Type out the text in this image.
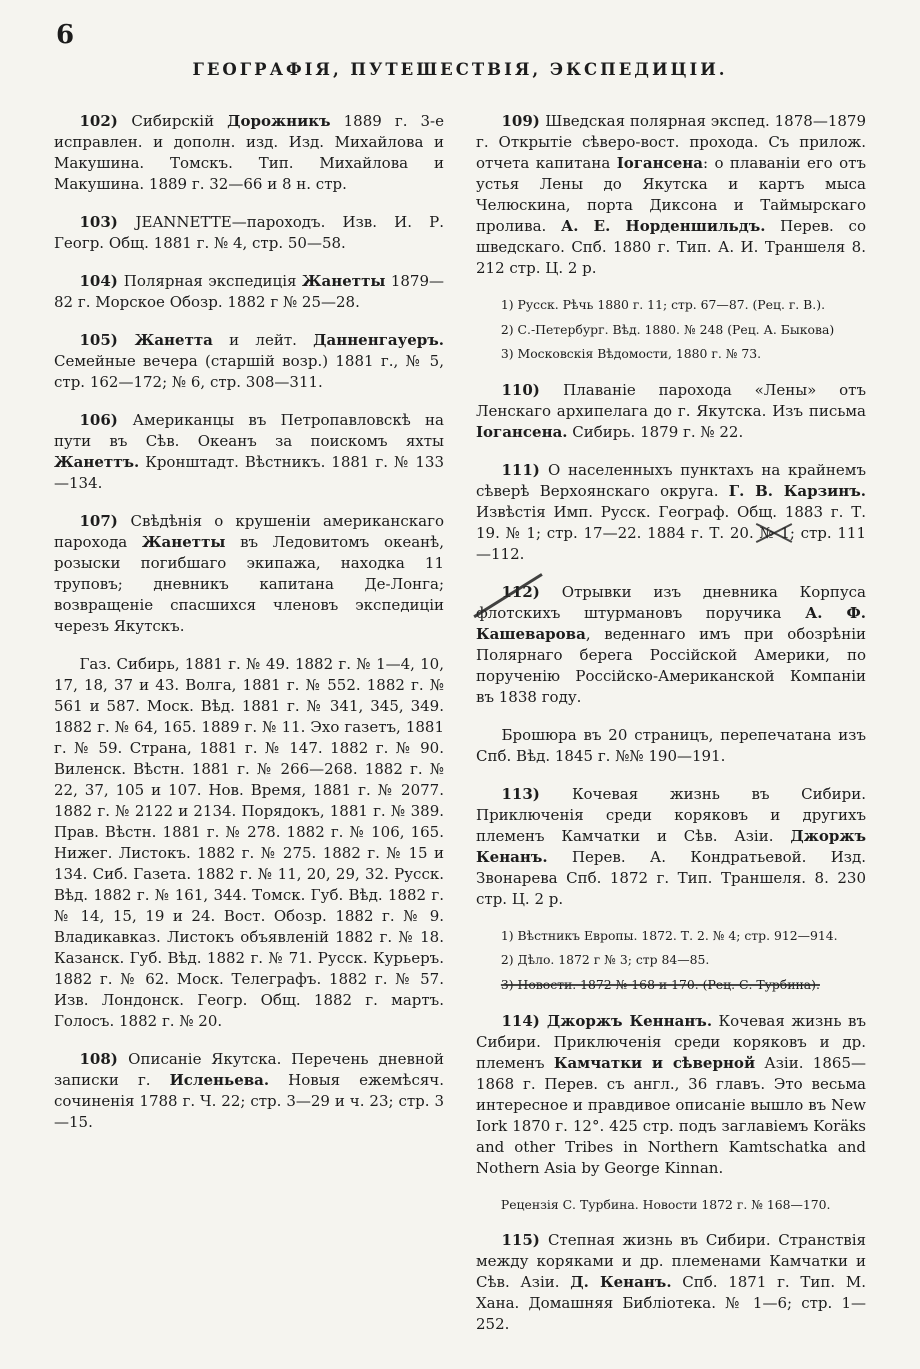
6
ГЕОГРАФІЯ, ПУТЕШЕСТВІЯ, ЭКСПЕДИЦІИ.

102) Сибирскій Дорожникъ 1889 г. 3-е исправлен. и дополн. изд. Изд. Михайлова и Макушина. Томскъ. Тип. Михайлова и Макушина. 1889 г. 32—66 и 8 н. стр.

103) JEANNETTE—пароходъ. Изв. И. Р. Геогр. Общ. 1881 г. № 4, стр. 50—58.

104) Полярная экспедиція Жанетты 1879—82 г. Морское Обозр. 1882 г № 25—28.

105) Жанетта и лейт. Данненгауеръ. Семейные вечера (старшій возр.) 1881 г., № 5, стр. 162—172; № 6, стр. 308—311.

106) Американцы въ Петропавловскѣ на пути въ Сѣв. Океанъ за поискомъ яхты Жанеттъ. Кронштадт. Вѣстникъ. 1881 г. № 133—134.

107) Свѣдѣнія о крушеніи американскаго парохода Жанетты въ Ледовитомъ океанѣ, розыски погибшаго экипажа, находка 11 труповъ; дневникъ капитана Де-Лонга; возвращеніе спасшихся членовъ экспедиціи черезъ Якутскъ.

Газ. Сибирь, 1881 г. № 49. 1882 г. № 1—4, 10, 17, 18, 37 и 43. Волга, 1881 г. № 552. 1882 г. № 561 и 587. Моск. Вѣд. 1881 г. № 341, 345, 349. 1882 г. № 64, 165. 1889 г. № 11. Эхо газетъ, 1881 г. № 59. Страна, 1881 г. № 147. 1882 г. № 90. Виленск. Вѣстн. 1881 г. № 266—268. 1882 г. № 22, 37, 105 и 107. Нов. Время, 1881 г. № 2077. 1882 г. № 2122 и 2134. Порядокъ, 1881 г. № 389. Прав. Вѣстн. 1881 г. № 278. 1882 г. № 106, 165. Нижег. Листокъ. 1882 г. № 275. 1882 г. № 15 и 134. Сиб. Газета. 1882 г. № 11, 20, 29, 32. Русск. Вѣд. 1882 г. № 161, 344. Томск. Губ. Вѣд. 1882 г. № 14, 15, 19 и 24. Вост. Обозр. 1882 г. № 9. Владикавказ. Листокъ объявленій 1882 г. № 18. Казанск. Губ. Вѣд. 1882 г. № 71. Русск. Курьеръ. 1882 г. № 62. Моск. Телеграфъ. 1882 г. № 57. Изв. Лондонск. Геогр. Общ. 1882 г. мартъ. Голосъ. 1882 г. № 20.

108) Описаніе Якутска. Перечень дневной записки г. Исленьева. Новыя ежемѣсяч. сочиненія 1788 г. Ч. 22; стр. 3—29 и ч. 23; стр. 3—15.

109) Шведская полярная экспед. 1878—1879 г. Открытіе сѣверо-вост. прохода. Съ прилож. отчета капитана Іогансена: о плаваніи его отъ устья Лены до Якутска и картъ мыса Челюскина, порта Диксона и Таймырскаго пролива. А. Е. Норденшильдъ. Перев. со шведскаго. Спб. 1880 г. Тип. А. И. Траншеля 8. 212 стр. Ц. 2 р.

1) Русск. Рѣчь 1880 г. 11; стр. 67—87. (Рец. г. В.).

2) С.-Петербург. Вѣд. 1880. № 248 (Рец. А. Быкова)

3) Московскія Вѣдомости, 1880 г. № 73.

110) Плаваніе парохода «Лены» отъ Ленскаго архипелага до г. Якутска. Изъ письма Іогансена. Сибирь. 1879 г. № 22.

111) О населенныхъ пунктахъ на крайнемъ сѣверѣ Верхоянскаго округа. Г. В. Карзинъ. Извѣстія Имп. Русск. Географ. Общ. 1883 г. Т. 19. № 1; стр. 17—22. 1884 г. Т. 20. № 1; стр. 111—112.

112) Отрывки изъ дневника Корпуса флотскихъ штурмановъ поручика А. Ф. Кашеварова, веденнаго имъ при обозрѣніи Полярнаго берега Россійской Америки, по порученію Россійско-Американской Компаніи въ 1838 году.

Брошюра въ 20 страницъ, перепечатана изъ Спб. Вѣд. 1845 г. №№ 190—191.

113) Кочевая жизнь въ Сибири. Приключенія среди коряковъ и другихъ племенъ Камчатки и Сѣв. Азіи. Джоржъ Кенанъ. Перев. А. Кондратьевой. Изд. Звонарева Спб. 1872 г. Тип. Траншеля. 8. 230 стр. Ц. 2 р.

1) Вѣстникъ Европы. 1872. Т. 2. № 4; стр. 912—914.

2) Дѣло. 1872 г № 3; стр 84—85.

3) Новости. 1872 № 168 и 170. (Рец. С. Турбина).

114) Джоржъ Кеннанъ. Кочевая жизнь въ Сибири. Приключенія среди коряковъ и др. племенъ Камчатки и сѣверной Азіи. 1865—1868 г. Перев. съ англ., 36 главъ. Это весьма интересное и правдивое описаніе вышло въ New Iork 1870 г. 12°. 425 стр. подъ заглавіемъ Koräks and other Tribes in Northern Kamtschatka and Nothern Asia by George Kinnan.

Рецензія С. Турбина. Новости 1872 г. № 168—170.

115) Степная жизнь въ Сибири. Странствія между коряками и др. племенами Камчатки и Сѣв. Азіи. Д. Кенанъ. Спб. 1871 г. Тип. М. Хана. Домашняя Библіотека. № 1—6; стр. 1—252.
